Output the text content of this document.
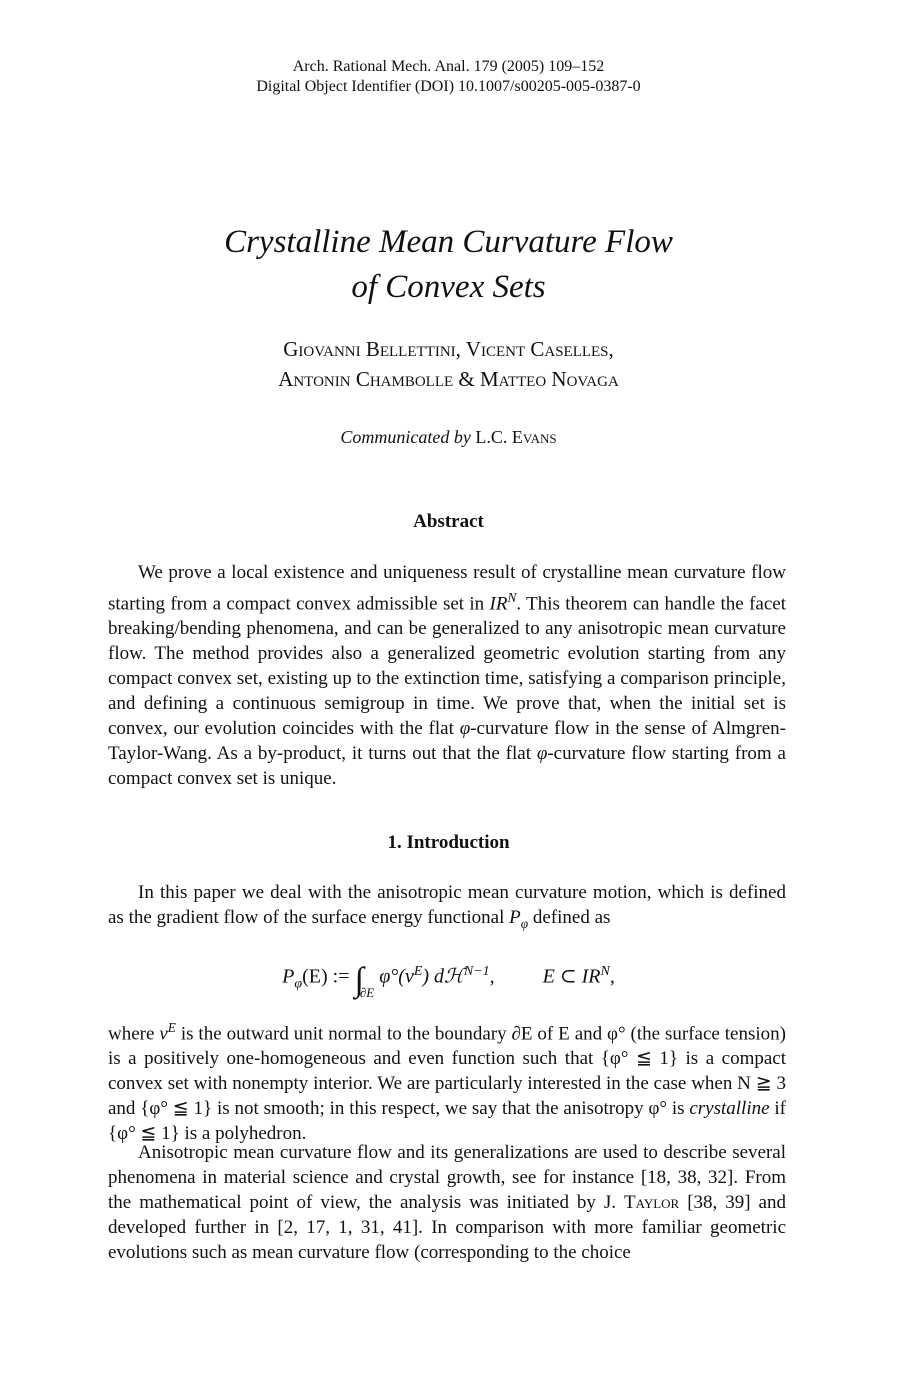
Arch. Rational Mech. Anal. 179 (2005) 109–152
Digital Object Identifier (DOI) 10.1007/s00205-005-0387-0
Crystalline Mean Curvature Flow
of Convex Sets
Giovanni Bellettini, Vicent Caselles,
Antonin Chambolle & Matteo Novaga
Communicated by L.C. Evans
Abstract
We prove a local existence and uniqueness result of crystalline mean curvature flow starting from a compact convex admissible set in $IR^N$. This theorem can handle the facet breaking/bending phenomena, and can be generalized to any anisotropic mean curvature flow. The method provides also a generalized geometric evolution starting from any compact convex set, existing up to the extinction time, satisfying a comparison principle, and defining a continuous semigroup in time. We prove that, when the initial set is convex, our evolution coincides with the flat φ-curvature flow in the sense of Almgren-Taylor-Wang. As a by-product, it turns out that the flat φ-curvature flow starting from a compact convex set is unique.
1. Introduction
In this paper we deal with the anisotropic mean curvature motion, which is defined as the gradient flow of the surface energy functional $P_\varphi$ defined as
$P_\varphi(E)$ := $\int_{\partial E}$ $\varphi^\circ(\nu^E)$ dℋ$^{N-1}$, E ⊂ $IR^N$,
where $\nu^E$ is the outward unit normal to the boundary ∂E of E and φ° (the surface tension) is a positively one-homogeneous and even function such that {φ° ≦ 1} is a compact convex set with nonempty interior. We are particularly interested in the case when N ≧ 3 and {φ° ≦ 1} is not smooth; in this respect, we say that the anisotropy φ° is crystalline if {φ° ≦ 1} is a polyhedron.
Anisotropic mean curvature flow and its generalizations are used to describe several phenomena in material science and crystal growth, see for instance [18, 38, 32]. From the mathematical point of view, the analysis was initiated by J. Taylor [38, 39] and developed further in [2, 17, 1, 31, 41]. In comparison with more familiar geometric evolutions such as mean curvature flow (corresponding to the choice
